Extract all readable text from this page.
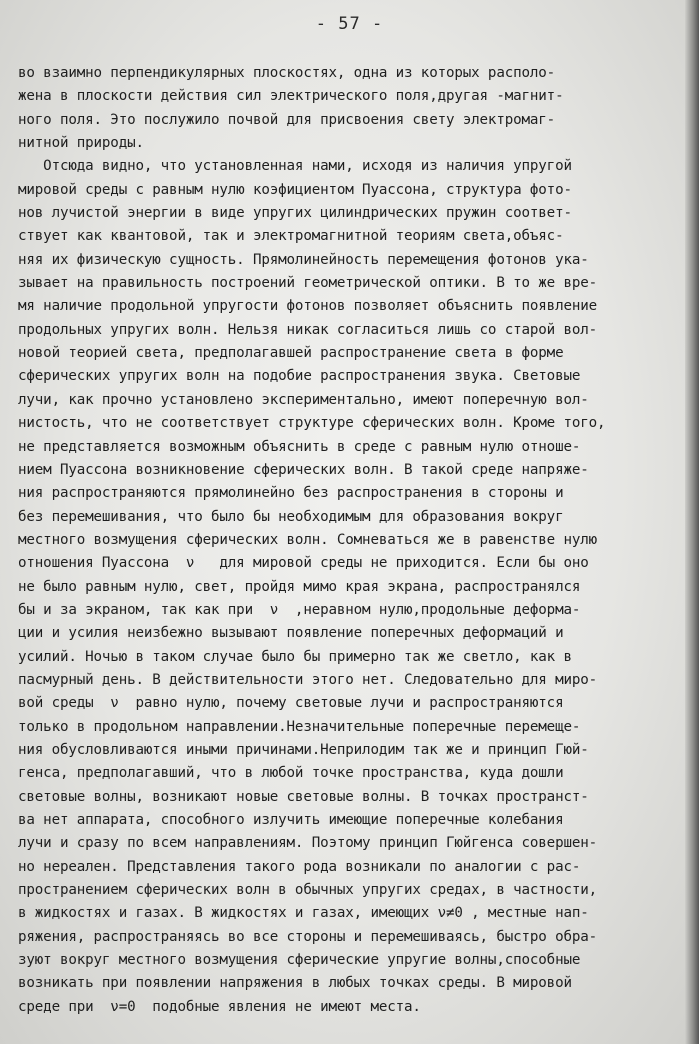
- 57 -
во взаимно перпендикулярных плоскостях, одна из которых располо-
жена в плоскости действия сил электрического поля,другая -магнит-
ного поля. Это послужило почвой для присвоения свету электромаг-
нитной природы.
Отсюда видно, что установленная нами, исходя из наличия упругой
мировой среды с равным нулю коэфициентом Пуассона, структура фото-
нов лучистой энергии в виде упругих цилиндрических пружин соответ-
ствует как квантовой, так и электромагнитной теориям света,объяс-
няя их физическую сущность. Прямолинейность перемещения фотонов ука-
зывает на правильность построений геометрической оптики. В то же вре-
мя наличие продольной упругости фотонов позволяет объяснить появление
продольных упругих волн. Нельзя никак согласиться лишь со старой вол-
новой теорией света, предполагавшей распространение света в форме
сферических упругих волн на подобие распространения звука. Световые
лучи, как прочно установлено экспериментально, имеют поперечную вол-
нистость, что не соответствует структуре сферических волн. Кроме того,
не представляется возможным объяснить в среде с равным нулю отноше-
нием Пуассона возникновение сферических волн. В такой среде напряже-
ния распространяются прямолинейно без распространения в стороны и
без перемешивания, что было бы необходимым для образования вокруг
местного возмущения сферических волн. Сомневаться же в равенстве нулю
отношения Пуассона  ν   для мировой среды не приходится. Если бы оно
не было равным нулю, свет, пройдя мимо края экрана, распространялся
бы и за экраном, так как при  ν  ,неравном нулю,продольные деформа-
ции и усилия неизбежно вызывают появление поперечных деформаций и
усилий. Ночью в таком случае было бы примерно так же светло, как в
пасмурный день. В действительности этого нет. Следовательно для миро-
вой среды  ν  равно нулю, почему световые лучи и распространяются
только в продольном направлении.Незначительные поперечные перемеще-
ния обусловливаются иными причинами.Неприлодим так же и принцип Гюй-
генса, предполагавший, что в любой точке пространства, куда дошли
световые волны, возникают новые световые волны. В точках пространст-
ва нет аппарата, способного излучить имеющие поперечные колебания
лучи и сразу по всем направлениям. Поэтому принцип Гюйгенса совершен-
но нереален. Представления такого рода возникали по аналогии с рас-
пространением сферических волн в обычных упругих средах, в частности,
в жидкостях и газах. В жидкостях и газах, имеющих ν≠0 , местные нап-
ряжения, распространяясь во все стороны и перемешиваясь, быстро обра-
зуют вокруг местного возмущения сферические упругие волны,способные
возникать при появлении напряжения в любых точках среды. В мировой
среде при  ν=0  подобные явления не имеют места.
